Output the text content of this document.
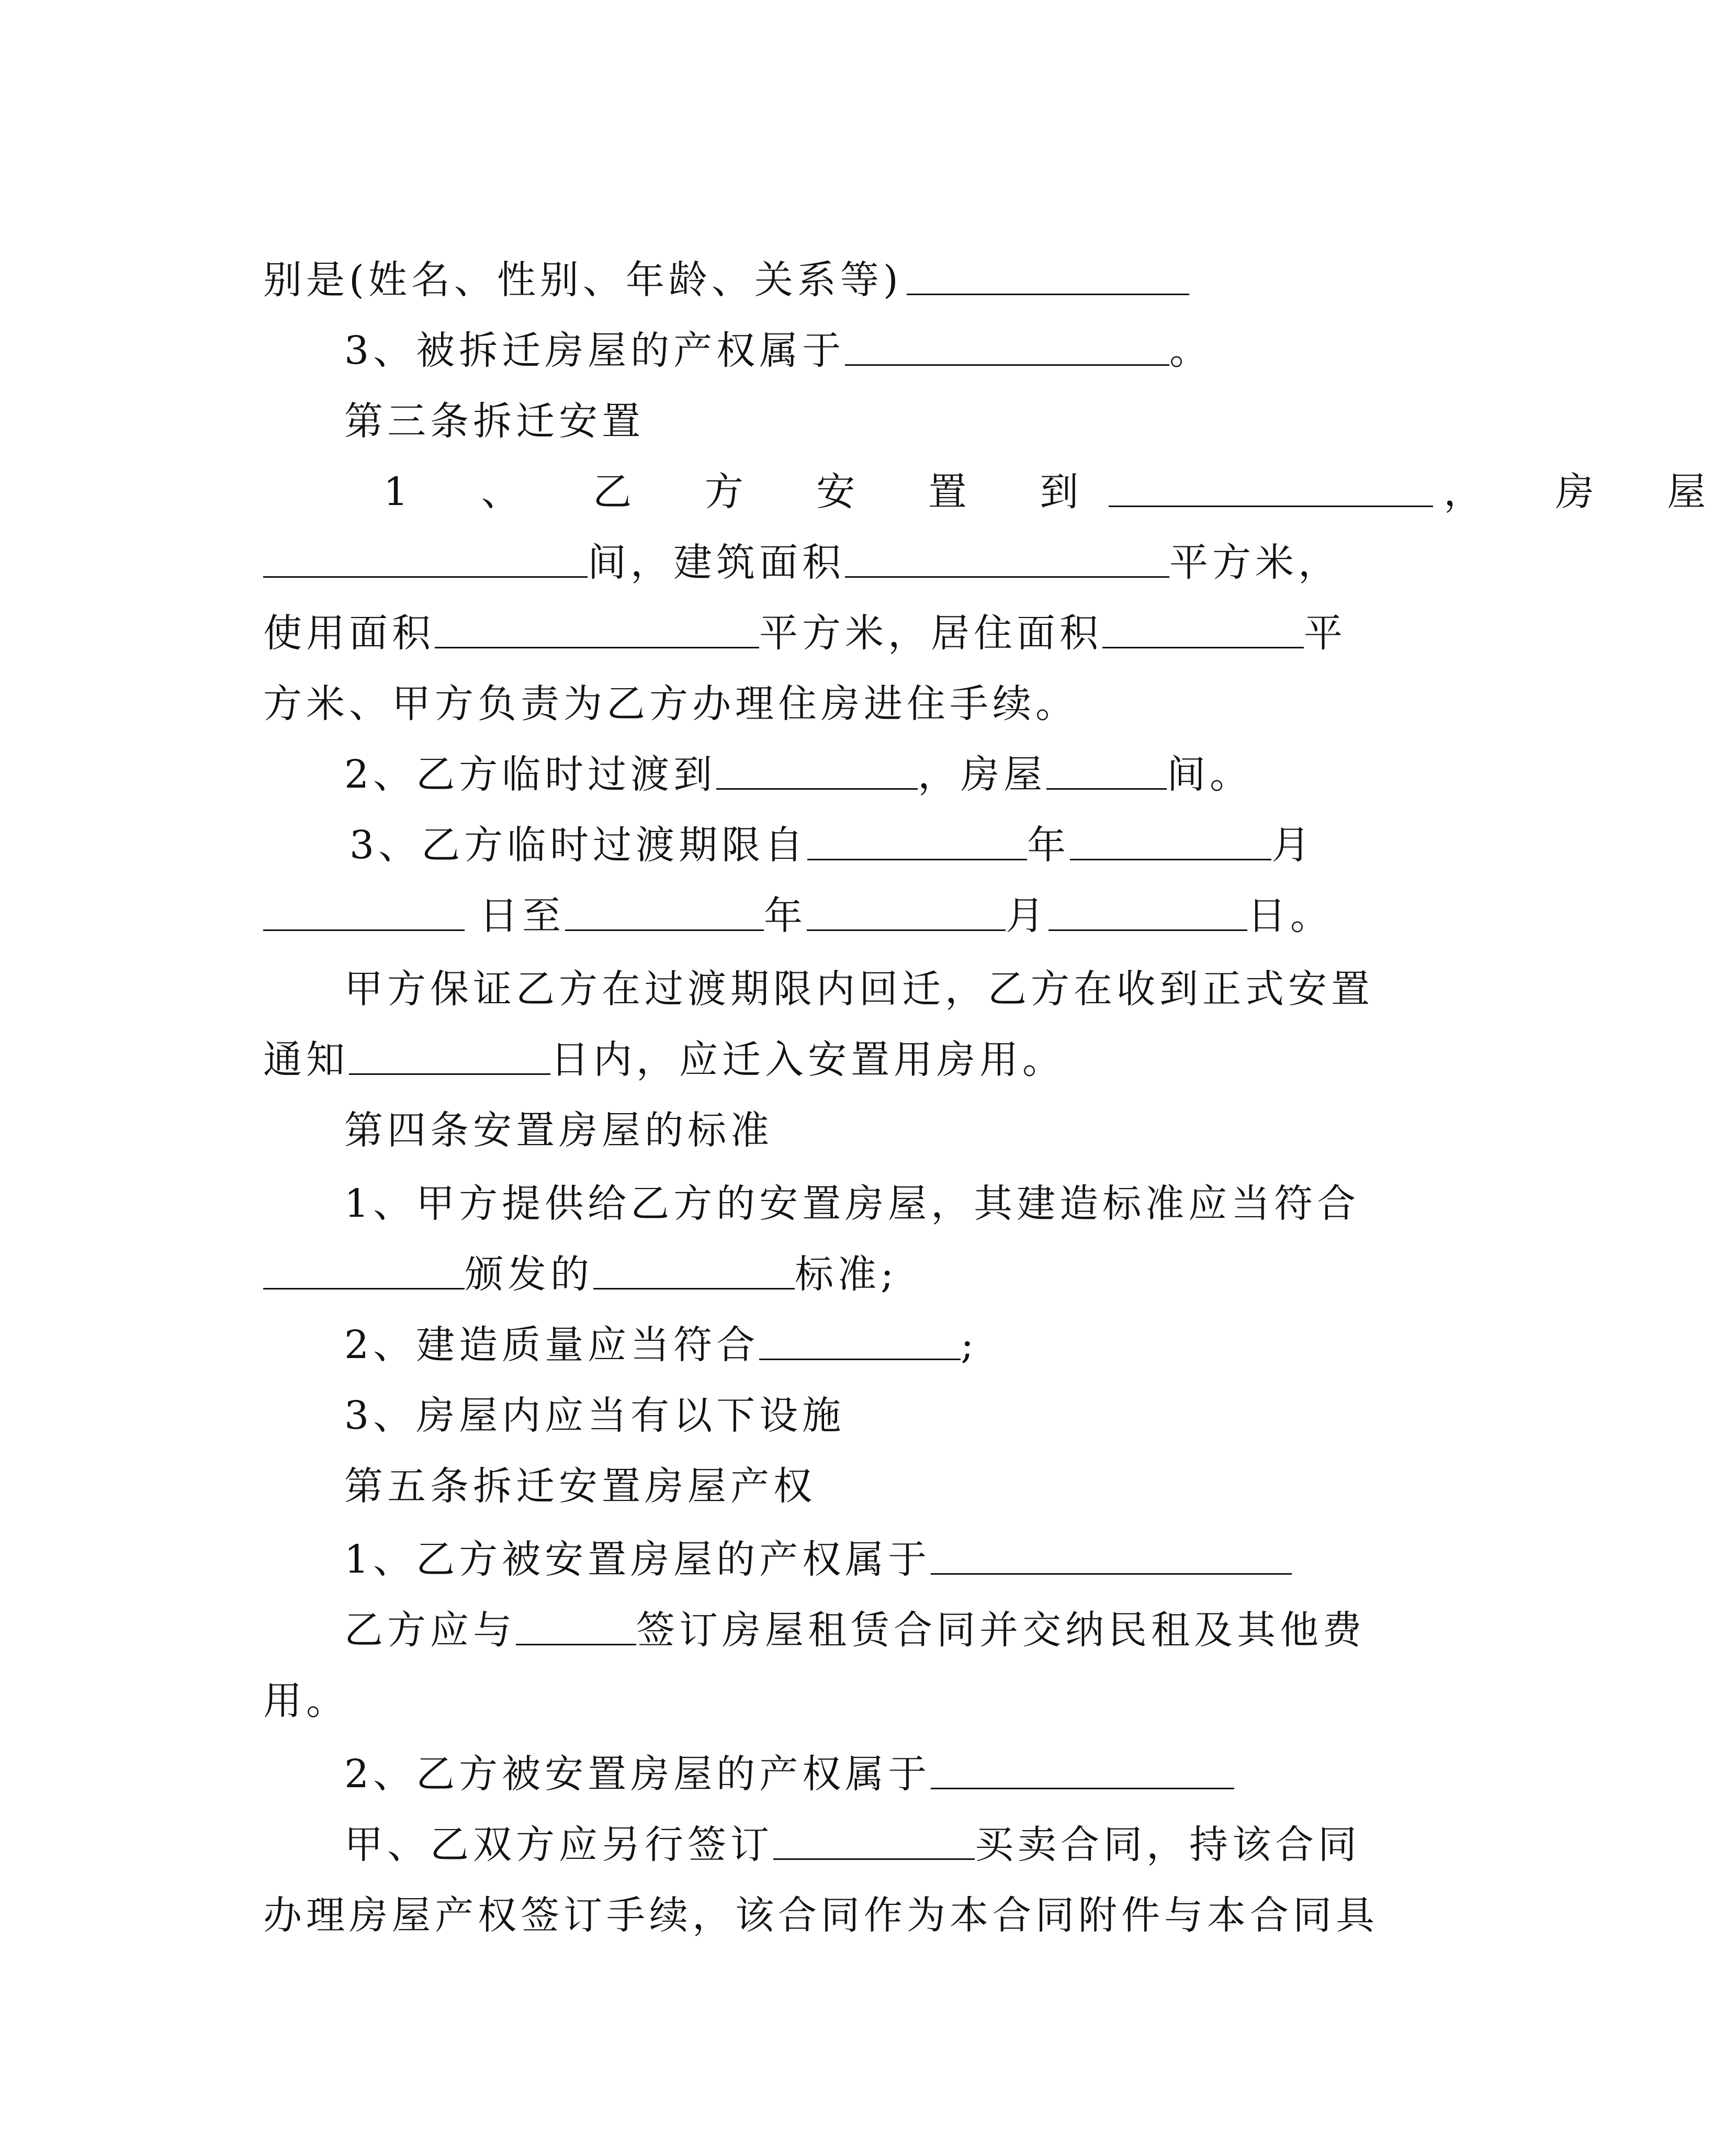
别是(姓名、性别、年龄、关系等)

3、被拆迁房屋的产权属于	。

第三条拆迁安置

1 、 乙 方 安 置 到	， 房 屋

间，建筑面积	平方米，

使用面积	平方米，居住面积	平

方米、甲方负责为乙方办理住房进住手续。

2、乙方临时过渡到	，房屋	间。

3、乙方临时过渡期限自	年	月

日至	年	月	日。

甲方保证乙方在过渡期限内回迁，乙方在收到正式安置

通知	日内，应迁入安置用房用。

第四条安置房屋的标准

1、甲方提供给乙方的安置房屋，其建造标准应当符合

颁发的	标准;

2、建造质量应当符合	;

3、房屋内应当有以下设施

第五条拆迁安置房屋产权

1、乙方被安置房屋的产权属于

乙方应与	签订房屋租赁合同并交纳民租及其他费

用。

2、乙方被安置房屋的产权属于

甲、乙双方应另行签订	买卖合同，持该合同

办理房屋产权签订手续，该合同作为本合同附件与本合同具
